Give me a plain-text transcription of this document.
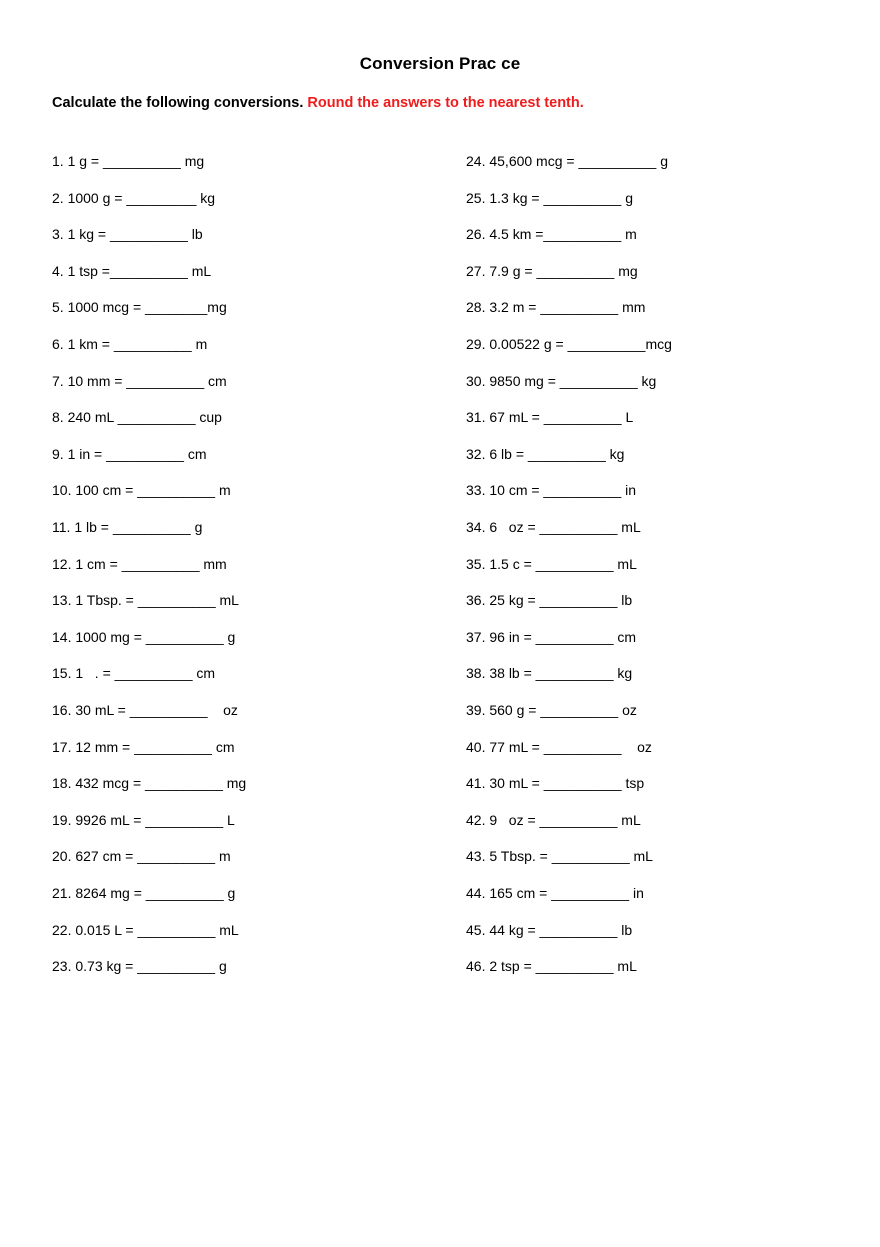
Conversion Prac ce
Calculate the following conversions. Round the answers to the nearest tenth.
1. 1 g = __________ mg
2. 1000 g = _________ kg
3. 1 kg = __________ lb
4. 1 tsp =__________ mL
5. 1000 mcg = ________mg
6. 1 km = __________ m
7. 10 mm = __________ cm
8. 240 mL __________ cup
9. 1 in = __________ cm
10. 100 cm = __________ m
11. 1 lb = __________ g
12. 1 cm = __________ mm
13. 1 Tbsp. = __________ mL
14. 1000 mg = __________ g
15. 1   . = __________ cm
16. 30 mL = __________    oz
17. 12 mm = __________ cm
18. 432 mcg = __________ mg
19. 9926 mL = __________ L
20. 627 cm = __________ m
21. 8264 mg = __________ g
22. 0.015 L = __________ mL
23. 0.73 kg = __________ g
24. 45,600 mcg = __________ g
25. 1.3 kg = __________ g
26. 4.5 km =__________ m
27. 7.9 g = __________ mg
28. 3.2 m = __________ mm
29. 0.00522 g = __________mcg
30. 9850 mg = __________ kg
31. 67 mL = __________ L
32. 6 lb = __________ kg
33. 10 cm = __________ in
34. 6   oz = __________ mL
35. 1.5 c = __________ mL
36. 25 kg = __________ lb
37. 96 in = __________ cm
38. 38 lb = __________ kg
39. 560 g = __________ oz
40. 77 mL = __________    oz
41. 30 mL = __________ tsp
42. 9   oz = __________ mL
43. 5 Tbsp. = __________ mL
44. 165 cm = __________ in
45. 44 kg = __________ lb
46. 2 tsp = __________ mL
